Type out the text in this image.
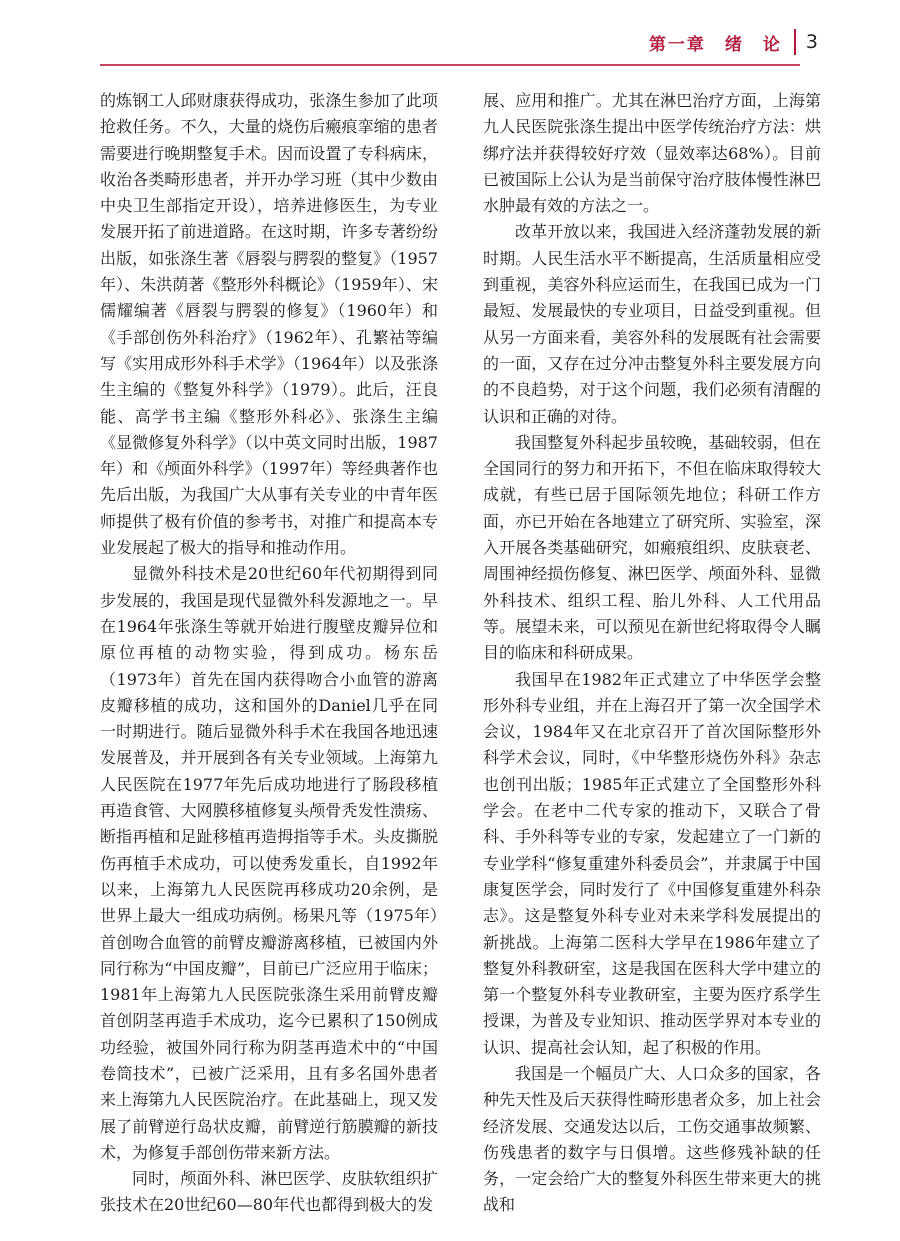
第一章　绪　论 3

的炼钢工人邱财康获得成功，张涤生参加了此项抢救任务。不久，大量的烧伤后瘢痕挛缩的患者需要进行晚期整复手术。因而设置了专科病床，收治各类畸形患者，并开办学习班（其中少数由中央卫生部指定开设），培养进修医生，为专业发展开拓了前进道路。在这时期，许多专著纷纷出版，如张涤生著《唇裂与腭裂的整复》（1957年）、朱洪荫著《整形外科概论》（1959年）、宋儒耀编著《唇裂与腭裂的修复》（1960年）和《手部创伤外科治疗》（1962年）、孔繁祜等编写《实用成形外科手术学》（1964年）以及张涤生主编的《整复外科学》（1979）。此后，汪良能、高学书主编《整形外科必》、张涤生主编《显微修复外科学》（以中英文同时出版，1987年）和《颅面外科学》（1997年）等经典著作也先后出版，为我国广大从事有关专业的中青年医师提供了极有价值的参考书，对推广和提高本专业发展起了极大的指导和推动作用。

显微外科技术是20世纪60年代初期得到同步发展的，我国是现代显微外科发源地之一。早在1964年张涤生等就开始进行腹壁皮瓣异位和原位再植的动物实验，得到成功。杨东岳（1973年）首先在国内获得吻合小血管的游离皮瓣移植的成功，这和国外的Daniel几乎在同一时期进行。随后显微外科手术在我国各地迅速发展普及，并开展到各有关专业领域。上海第九人民医院在1977年先后成功地进行了肠段移植再造食管、大网膜移植修复头颅骨秃发性溃疡、断指再植和足趾移植再造拇指等手术。头皮撕脱伤再植手术成功，可以使秀发重长，自1992年以来，上海第九人民医院再移成功20余例，是世界上最大一组成功病例。杨果凡等（1975年）首创吻合血管的前臂皮瓣游离移植，已被国内外同行称为“中国皮瓣”，目前已广泛应用于临床；1981年上海第九人民医院张涤生采用前臂皮瓣首创阴茎再造手术成功，迄今已累积了150例成功经验，被国外同行称为阴茎再造术中的“中国卷筒技术”，已被广泛采用，且有多名国外患者来上海第九人民医院治疗。在此基础上，现又发展了前臂逆行岛状皮瓣，前臂逆行筋膜瓣的新技术，为修复手部创伤带来新方法。

同时，颅面外科、淋巴医学、皮肤软组织扩张技术在20世纪60—80年代也都得到极大的发

展、应用和推广。尤其在淋巴治疗方面，上海第九人民医院张涤生提出中医学传统治疗方法：烘绑疗法并获得较好疗效（显效率达68%）。目前已被国际上公认为是当前保守治疗肢体慢性淋巴水肿最有效的方法之一。

改革开放以来，我国进入经济蓬勃发展的新时期。人民生活水平不断提高，生活质量相应受到重视，美容外科应运而生，在我国已成为一门最短、发展最快的专业项目，日益受到重视。但从另一方面来看，美容外科的发展既有社会需要的一面，又存在过分冲击整复外科主要发展方向的不良趋势，对于这个问题，我们必须有清醒的认识和正确的对待。

我国整复外科起步虽较晚，基础较弱，但在全国同行的努力和开拓下，不但在临床取得较大成就，有些已居于国际领先地位；科研工作方面，亦已开始在各地建立了研究所、实验室，深入开展各类基础研究，如瘢痕组织、皮肤衰老、周围神经损伤修复、淋巴医学、颅面外科、显微外科技术、组织工程、胎儿外科、人工代用品等。展望未来，可以预见在新世纪将取得令人瞩目的临床和科研成果。

我国早在1982年正式建立了中华医学会整形外科专业组，并在上海召开了第一次全国学术会议，1984年又在北京召开了首次国际整形外科学术会议，同时，《中华整形烧伤外科》杂志也创刊出版；1985年正式建立了全国整形外科学会。在老中二代专家的推动下，又联合了骨科、手外科等专业的专家，发起建立了一门新的专业学科“修复重建外科委员会”，并隶属于中国康复医学会，同时发行了《中国修复重建外科杂志》。这是整复外科专业对未来学科发展提出的新挑战。上海第二医科大学早在1986年建立了整复外科教研室，这是我国在医科大学中建立的第一个整复外科专业教研室，主要为医疗系学生授课，为普及专业知识、推动医学界对本专业的认识、提高社会认知，起了积极的作用。

我国是一个幅员广大、人口众多的国家，各种先天性及后天获得性畸形患者众多，加上社会经济发展、交通发达以后，工伤交通事故频繁、伤残患者的数字与日俱增。这些修残补缺的任务，一定会给广大的整复外科医生带来更大的挑战和
